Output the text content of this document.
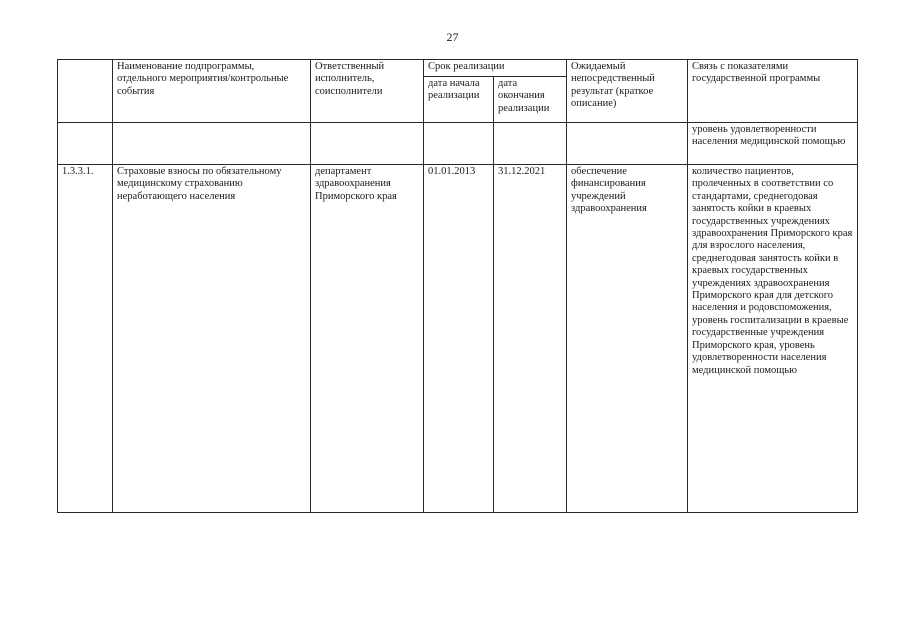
27
	Наименование подпрограммы, отдельного мероприятия/контрольные события	Ответственный исполнитель, соисполнители	Срок реализации		Ожидаемый непосредственный результат (краткое описание)	Связь с показателями государственной программы
			дата начала реализации	дата окончания реализации		
						уровень удовлетворенности населения медицинской помощью
1.3.3.1.	Страховые взносы по обязательному медицинскому страхованию неработающего населения	департамент здравоохранения Приморского края	01.01.2013	31.12.2021	обеспечение финансирования учреждений здравоохранения	количество пациентов, пролеченных в соответствии со стандартами, среднегодовая занятость койки в краевых государственных учреждениях здравоохранения Приморского края для взрослого населения, среднегодовая занятость койки в краевых государственных учреждениях здравоохранения Приморского края для детского населения и родовспоможения, уровень госпитализации в краевые государственные учреждения Приморского края, уровень удовлетворенности населения медицинской помощью
